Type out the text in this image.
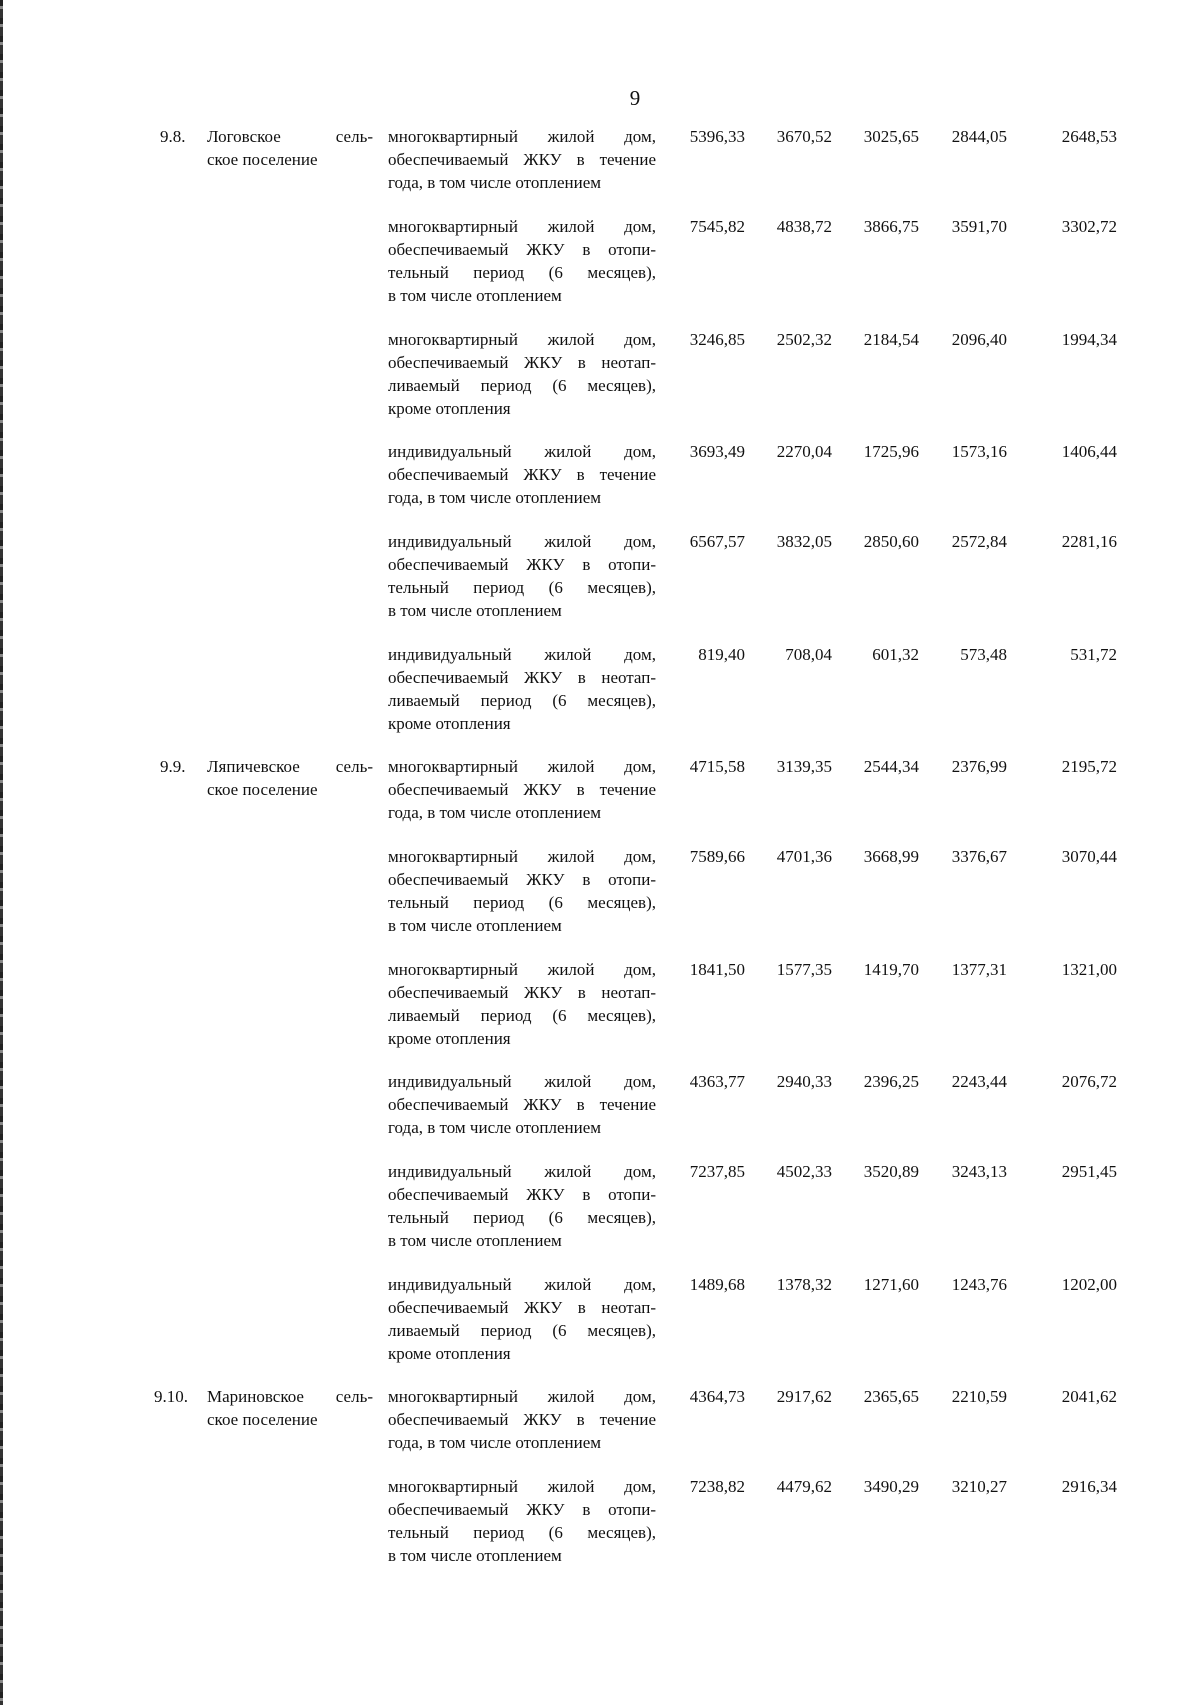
9
9.8. Логовское сель-
ское поселение
многоквартирный жилой дом,
обеспечиваемый ЖКУ в течение
года, в том числе отоплением
5396,33 3670,52 3025,65 2844,05	2648,53
многоквартирный жилой дом,
обеспечиваемый ЖКУ в отопи-
тельный период (6 месяцев),
в том числе отоплением
7545,82 4838,72 3866,75 3591,70	3302,72
многоквартирный жилой дом,
обеспечиваемый ЖКУ в неотап-
ливаемый период (6 месяцев),
кроме отопления
3246,85 2502,32 2184,54 2096,40	1994,34
индивидуальный жилой дом,
обеспечиваемый ЖКУ в течение
года, в том числе отоплением
3693,49 2270,04 1725,96 1573,16	1406,44
индивидуальный жилой дом,
обеспечиваемый ЖКУ в отопи-
тельный период (6 месяцев),
в том числе отоплением
6567,57 3832,05 2850,60 2572,84	2281,16
индивидуальный жилой дом,
обеспечиваемый ЖКУ в неотап-
ливаемый период (6 месяцев),
кроме отопления
819,40 708,04 601,32 573,48	531,72
9.9. Ляпичевское сель-
ское поселение
многоквартирный жилой дом,
обеспечиваемый ЖКУ в течение
года, в том числе отоплением
4715,58 3139,35 2544,34 2376,99	2195,72
многоквартирный жилой дом,
обеспечиваемый ЖКУ в отопи-
тельный период (6 месяцев),
в том числе отоплением
7589,66 4701,36 3668,99 3376,67	3070,44
многоквартирный жилой дом,
обеспечиваемый ЖКУ в неотап-
ливаемый период (6 месяцев),
кроме отопления
1841,50 1577,35 1419,70 1377,31	1321,00
индивидуальный жилой дом,
обеспечиваемый ЖКУ в течение
года, в том числе отоплением
4363,77 2940,33 2396,25 2243,44	2076,72
индивидуальный жилой дом,
обеспечиваемый ЖКУ в отопи-
тельный период (6 месяцев),
в том числе отоплением
7237,85 4502,33 3520,89 3243,13	2951,45
индивидуальный жилой дом,
обеспечиваемый ЖКУ в неотап-
ливаемый период (6 месяцев),
кроме отопления
1489,68 1378,32 1271,60 1243,76	1202,00
9.10. Мариновское сель-
ское поселение
многоквартирный жилой дом,
обеспечиваемый ЖКУ в течение
года, в том числе отоплением
4364,73 2917,62 2365,65 2210,59	2041,62
многоквартирный жилой дом,
обеспечиваемый ЖКУ в отопи-
тельный период (6 месяцев),
в том числе отоплением
7238,82 4479,62 3490,29 3210,27	2916,34
